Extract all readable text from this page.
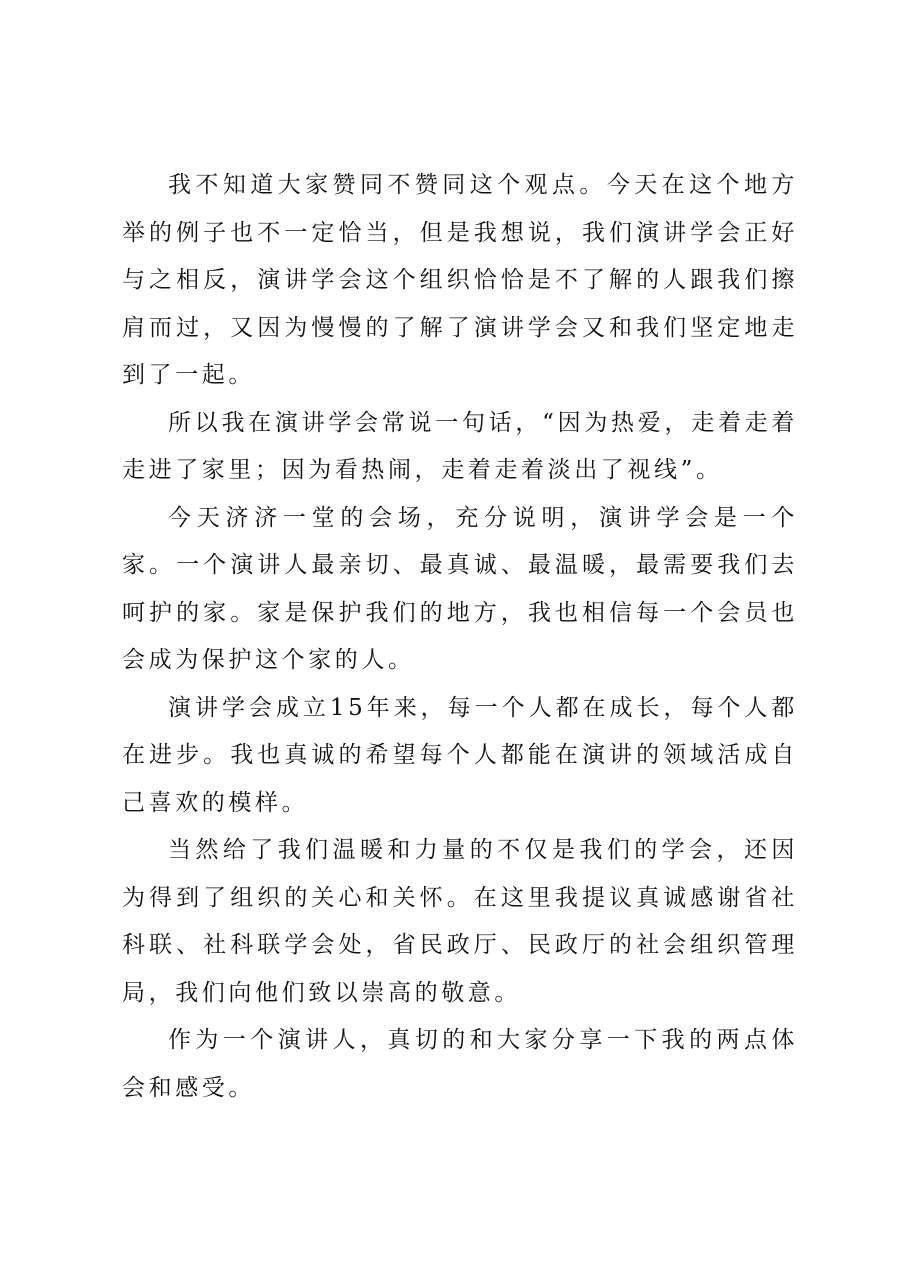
我不知道大家赞同不赞同这个观点。今天在这个地方举的例子也不一定恰当，但是我想说，我们演讲学会正好与之相反，演讲学会这个组织恰恰是不了解的人跟我们擦肩而过，又因为慢慢的了解了演讲学会又和我们坚定地走到了一起。

所以我在演讲学会常说一句话，“因为热爱，走着走着走进了家里；因为看热闹，走着走着淡出了视线”。

今天济济一堂的会场，充分说明，演讲学会是一个家。一个演讲人最亲切、最真诚、最温暖，最需要我们去呵护的家。家是保护我们的地方，我也相信每一个会员也会成为保护这个家的人。

演讲学会成立15年来，每一个人都在成长，每个人都在进步。我也真诚的希望每个人都能在演讲的领域活成自己喜欢的模样。

当然给了我们温暖和力量的不仅是我们的学会，还因为得到了组织的关心和关怀。在这里我提议真诚感谢省社科联、社科联学会处，省民政厅、民政厅的社会组织管理局，我们向他们致以崇高的敬意。

作为一个演讲人，真切的和大家分享一下我的两点体会和感受。
